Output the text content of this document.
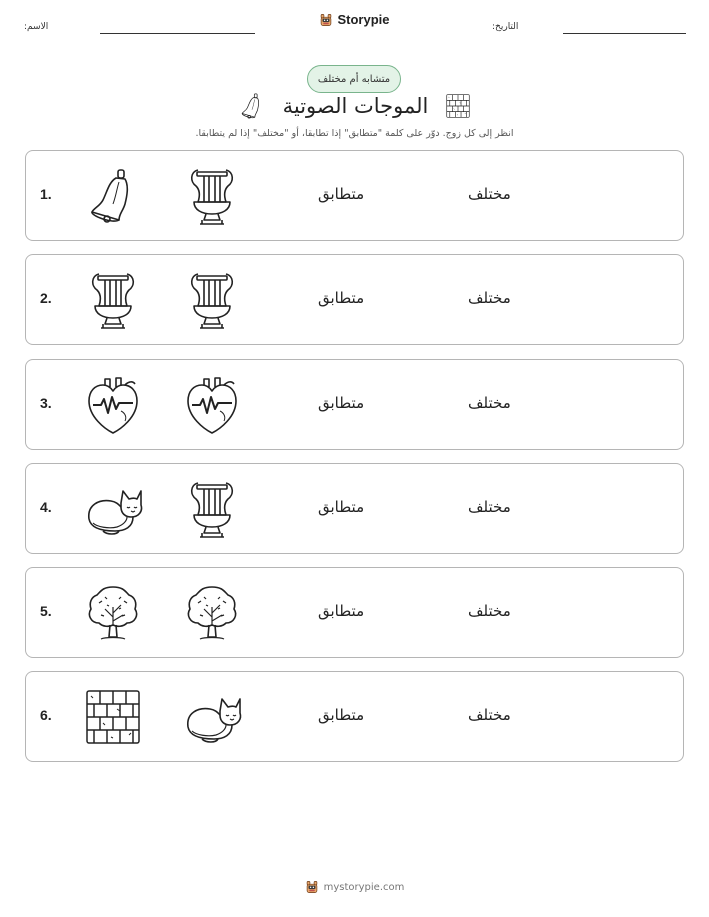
الاسم:	Storypie	التاريخ:
متشابه أم مختلف
الموجات الصوتية
انظر إلى كل زوج. دوّر على كلمة "متطابق" إذا تطابقا، أو "مختلف" إذا لم يتطابقا.
1.	متطابق	مختلف
2.	متطابق	مختلف
3.	متطابق	مختلف
4.	متطابق	مختلف
5.	متطابق	مختلف
6.	متطابق	مختلف
mystorypie.com
